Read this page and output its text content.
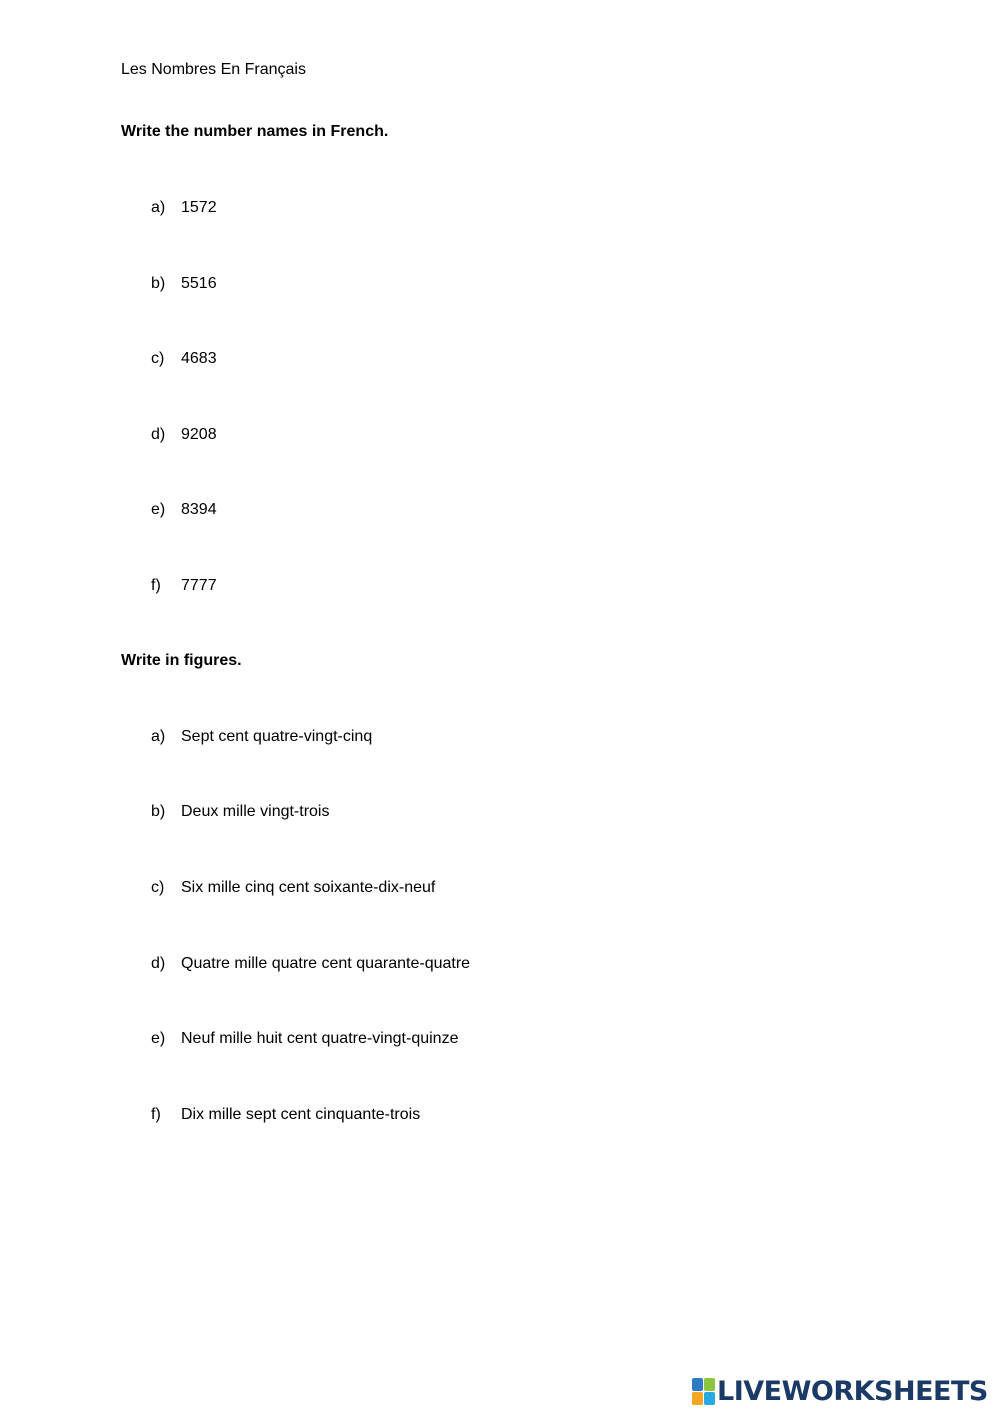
Les Nombres En Français
Write the number names in French.
a) 1572
b) 5516
c) 4683
d) 9208
e) 8394
f) 7777
Write in figures.
a) Sept cent quatre-vingt-cinq
b) Deux mille vingt-trois
c) Six mille cinq cent soixante-dix-neuf
d) Quatre mille quatre cent quarante-quatre
e) Neuf mille huit cent quatre-vingt-quinze
f) Dix mille sept cent cinquante-trois
LIVEWORKSHEETS
